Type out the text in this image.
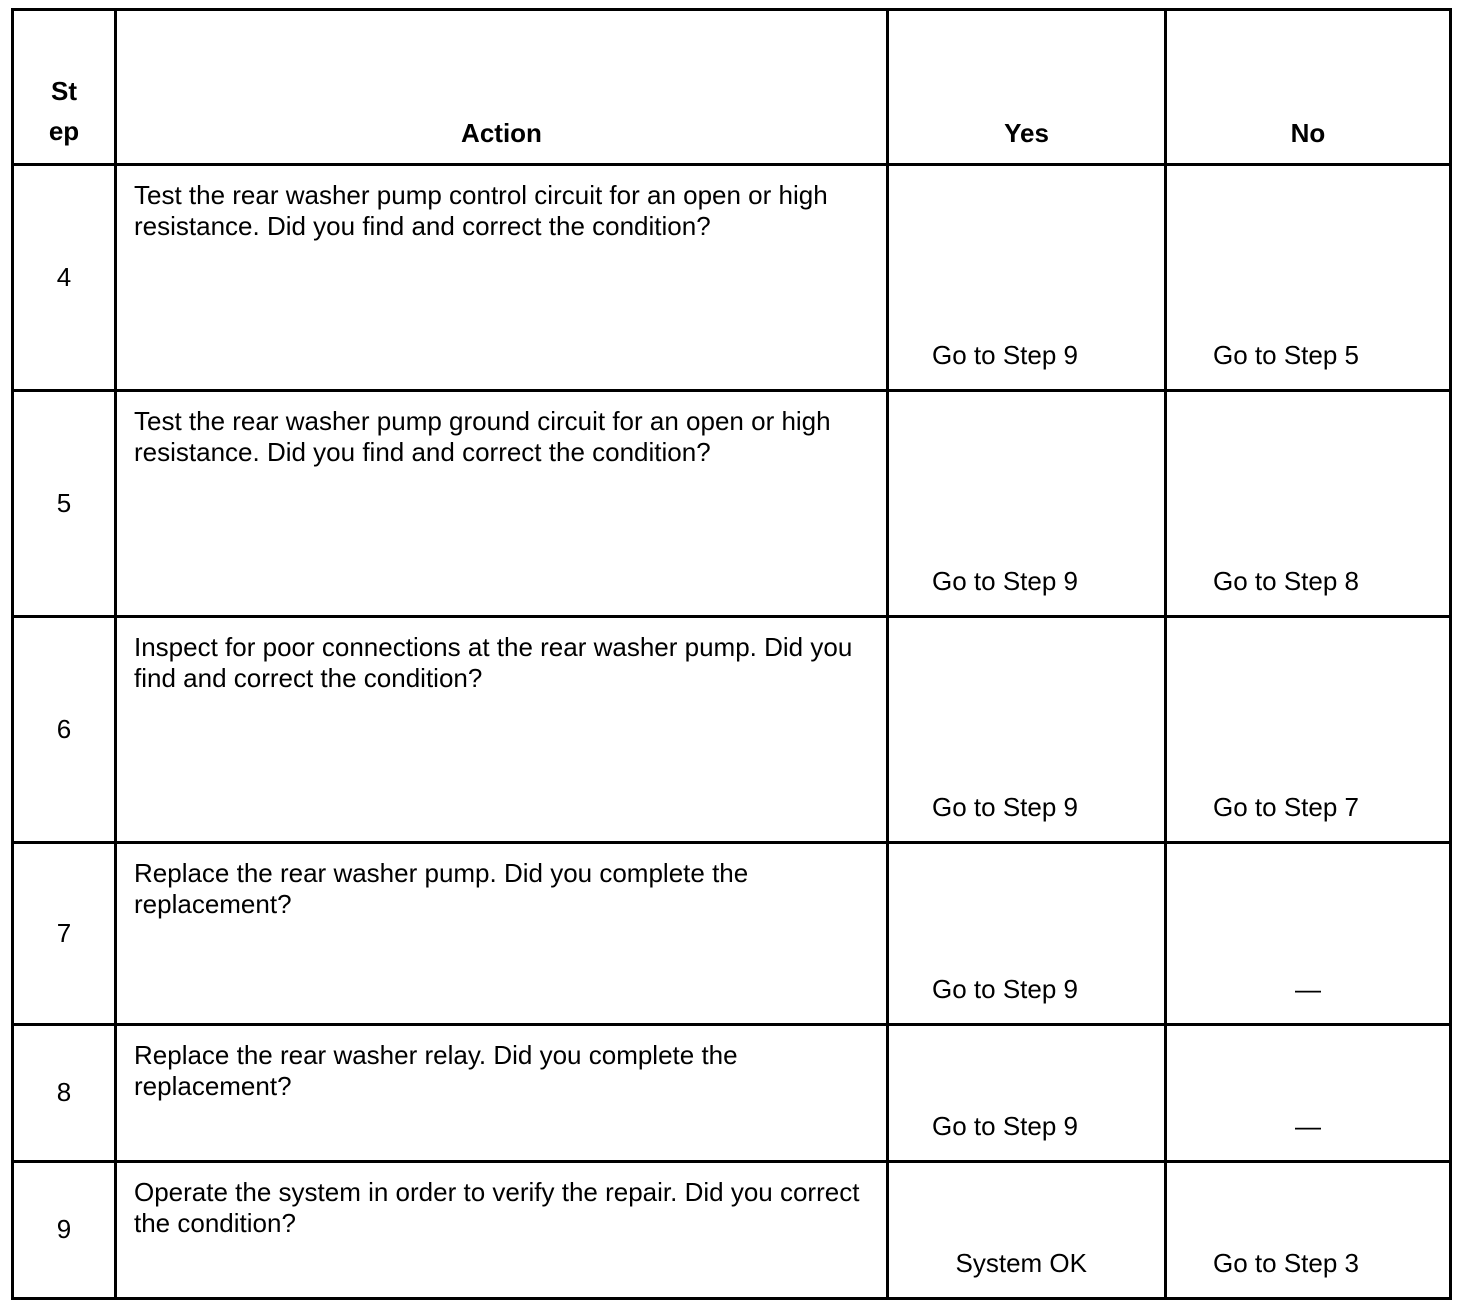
St
ep	Action	Yes	No
4	Test the rear washer pump control circuit for an open or high resistance. Did you find and correct the condition?	Go to Step 9	Go to Step 5

5	Test the rear washer pump ground circuit for an open or high resistance. Did you find and correct the condition?	Go to Step 9	Go to Step 8

6	Inspect for poor connections at the rear washer pump. Did you find and correct the condition?	Go to Step 9	Go to Step 7

7	Replace the rear washer pump. Did you complete the replacement?	Go to Step 9	—

8	Replace the rear washer relay. Did you complete the replacement?	Go to Step 9	—

9	Operate the system in order to verify the repair. Did you correct the condition?	System OK	Go to Step 3
